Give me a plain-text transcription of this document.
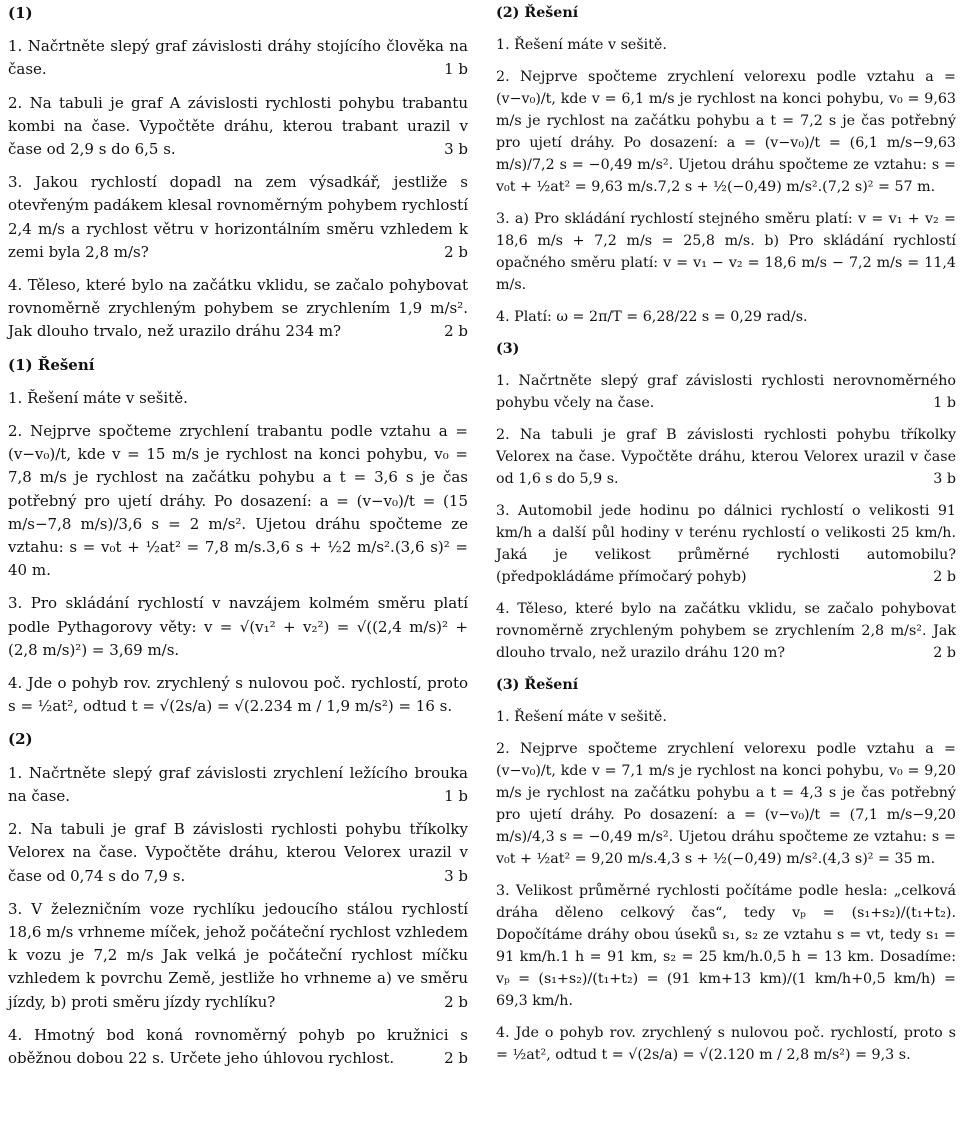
(1)
1. Načrtněte slepý graf závislosti dráhy stojícího člověka na čase.	1 b
2. Na tabuli je graf A závislosti rychlosti pohybu trabantu kombi na čase. Vypočtěte dráhu, kterou trabant urazil v čase od 2,9 s do 6,5 s.	3 b
3. Jakou rychlostí dopadl na zem výsadkář, jestliže s otevřeným padákem klesal rovnoměrným pohybem rychlostí 2,4 m/s a rychlost větru v horizontálním směru vzhledem k zemi byla 2,8 m/s?	2 b
4. Těleso, které bylo na začátku vklidu, se začalo pohybovat rovnoměrně zrychleným pohybem se zrychlením 1,9 m/s². Jak dlouho trvalo, než urazilo dráhu 234 m?	2 b
(1) Řešení
1. Řešení máte v sešitě.
2. Nejprve spočteme zrychlení trabantu podle vztahu a = (v−v₀)/t, kde v = 15 m/s je rychlost na konci pohybu, v₀ = 7,8 m/s je rychlost na začátku pohybu a t = 3,6 s je čas potřebný pro ujetí dráhy. Po dosazení: a = (v−v₀)/t = (15 m/s−7,8 m/s)/3,6 s = 2 m/s². Ujetou dráhu spočteme ze vztahu: s = v₀t + ½at² = 7,8 m/s.3,6 s + ½2 m/s².(3,6 s)² = 40 m.
3. Pro skládání rychlostí v navzájem kolmém směru platí podle Pythagorovy věty: v = √(v₁² + v₂²) = √((2,4 m/s)² + (2,8 m/s)²) = 3,69 m/s.
4. Jde o pohyb rov. zrychlený s nulovou poč. rychlostí, proto s = ½at², odtud t = √(2s/a) = √(2.234 m / 1,9 m/s²) = 16 s.
(2)
1. Načrtněte slepý graf závislosti zrychlení ležícího brouka na čase.	1 b
2. Na tabuli je graf B závislosti rychlosti pohybu tříkolky Velorex na čase. Vypočtěte dráhu, kterou Velorex urazil v čase od 0,74 s do 7,9 s.	3 b
3. V železničním voze rychlíku jedoucího stálou rychlostí 18,6 m/s vrhneme míček, jehož počáteční rychlost vzhledem k vozu je 7,2 m/s Jak velká je počáteční rychlost míčku vzhledem k povrchu Země, jestliže ho vrhneme a) ve směru jízdy, b) proti směru jízdy rychlíku?	2 b
4. Hmotný bod koná rovnoměrný pohyb po kružnici s oběžnou dobou 22 s. Určete jeho úhlovou rychlost.	2 b
(2) Řešení
1. Řešení máte v sešitě.
2. Nejprve spočteme zrychlení velorexu podle vztahu a = (v−v₀)/t, kde v = 6,1 m/s je rychlost na konci pohybu, v₀ = 9,63 m/s je rychlost na začátku pohybu a t = 7,2 s je čas potřebný pro ujetí dráhy. Po dosazení: a = (v−v₀)/t = (6,1 m/s−9,63 m/s)/7,2 s = −0,49 m/s². Ujetou dráhu spočteme ze vztahu: s = v₀t + ½at² = 9,63 m/s.7,2 s + ½(−0,49) m/s².(7,2 s)² = 57 m.
3. a) Pro skládání rychlostí stejného směru platí: v = v₁ + v₂ = 18,6 m/s + 7,2 m/s = 25,8 m/s. b) Pro skládání rychlostí opačného směru platí: v = v₁ − v₂ = 18,6 m/s − 7,2 m/s = 11,4 m/s.
4. Platí: ω = 2π/T = 6,28/22 s = 0,29 rad/s.
(3)
1. Načrtněte slepý graf závislosti rychlosti nerovnoměrného pohybu včely na čase.	1 b
2. Na tabuli je graf B závislosti rychlosti pohybu tříkolky Velorex na čase. Vypočtěte dráhu, kterou Velorex urazil v čase od 1,6 s do 5,9 s.	3 b
3. Automobil jede hodinu po dálnici rychlostí o velikosti 91 km/h a další půl hodiny v terénu rychlostí o velikosti 25 km/h. Jaká je velikost průměrné rychlosti automobilu? (předpokládáme přímočarý pohyb)	2 b
4. Těleso, které bylo na začátku vklidu, se začalo pohybovat rovnoměrně zrychleným pohybem se zrychlením 2,8 m/s². Jak dlouho trvalo, než urazilo dráhu 120 m?	2 b
(3) Řešení
1. Řešení máte v sešitě.
2. Nejprve spočteme zrychlení velorexu podle vztahu a = (v−v₀)/t, kde v = 7,1 m/s je rychlost na konci pohybu, v₀ = 9,20 m/s je rychlost na začátku pohybu a t = 4,3 s je čas potřebný pro ujetí dráhy. Po dosazení: a = (v−v₀)/t = (7,1 m/s−9,20 m/s)/4,3 s = −0,49 m/s². Ujetou dráhu spočteme ze vztahu: s = v₀t + ½at² = 9,20 m/s.4,3 s + ½(−0,49) m/s².(4,3 s)² = 35 m.
3. Velikost průměrné rychlosti počítáme podle hesla: „celková dráha děleno celkový čas“, tedy vₚ = (s₁+s₂)/(t₁+t₂). Dopočítáme dráhy obou úseků s₁, s₂ ze vztahu s = vt, tedy s₁ = 91 km/h.1 h = 91 km, s₂ = 25 km/h.0,5 h = 13 km. Dosadíme: vₚ = (s₁+s₂)/(t₁+t₂) = (91 km+13 km)/(1 km/h+0,5 km/h) = 69,3 km/h.
4. Jde o pohyb rov. zrychlený s nulovou poč. rychlostí, proto s = ½at², odtud t = √(2s/a) = √(2.120 m / 2,8 m/s²) = 9,3 s.
